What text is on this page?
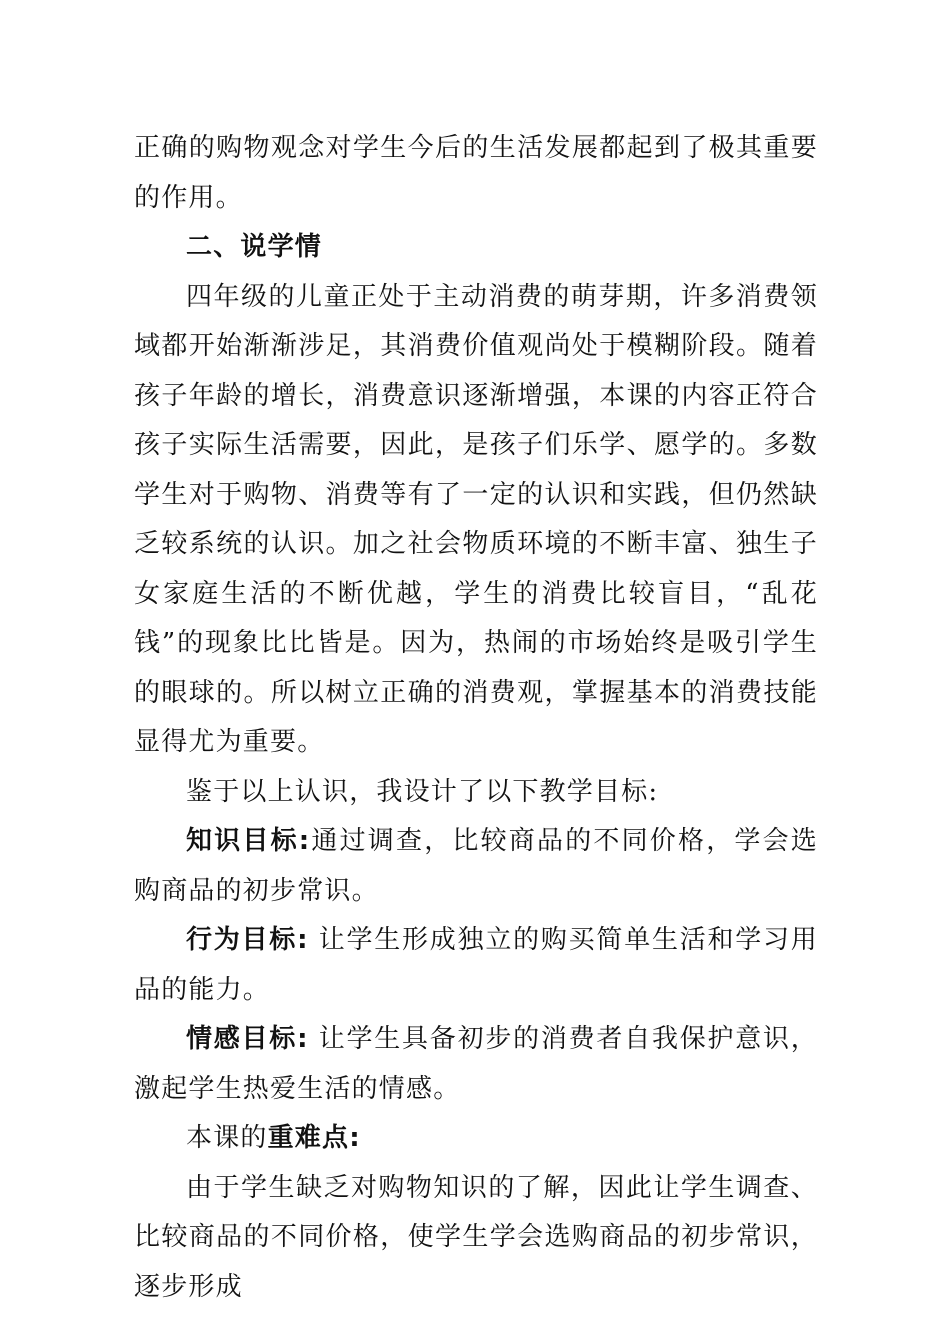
正确的购物观念对学生今后的生活发展都起到了极其重要的作用。

二、说学情

四年级的儿童正处于主动消费的萌芽期，许多消费领域都开始渐渐涉足，其消费价值观尚处于模糊阶段。随着孩子年龄的增长，消费意识逐渐增强，本课的内容正符合孩子实际生活需要，因此，是孩子们乐学、愿学的。多数学生对于购物、消费等有了一定的认识和实践，但仍然缺乏较系统的认识。加之社会物质环境的不断丰富、独生子女家庭生活的不断优越，学生的消费比较盲目，“乱花钱”的现象比比皆是。因为，热闹的市场始终是吸引学生的眼球的。所以树立正确的消费观，掌握基本的消费技能显得尤为重要。

鉴于以上认识，我设计了以下教学目标:

知识目标:通过调查，比较商品的不同价格，学会选购商品的初步常识。

行为目标: 让学生形成独立的购买简单生活和学习用品的能力。

情感目标: 让学生具备初步的消费者自我保护意识，激起学生热爱生活的情感。

本课的重难点:

由于学生缺乏对购物知识的了解，因此让学生调查、比较商品的不同价格，使学生学会选购商品的初步常识，逐步形成
